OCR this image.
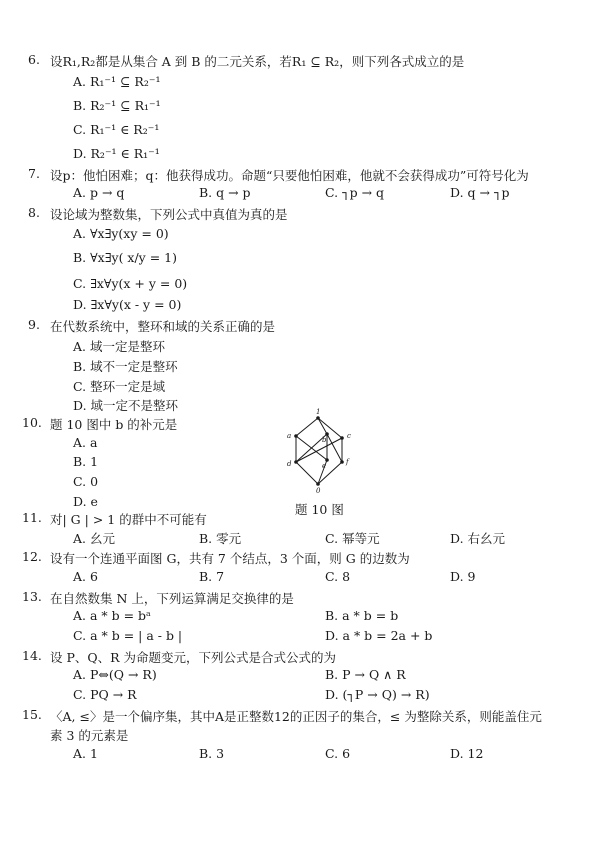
6. 设R₁,R₂都是从集合 A 到 B 的二元关系，若R₁ ⊆ R₂，则下列各式成立的是
A. R₁⁻¹ ⊆ R₂⁻¹
B. R₂⁻¹ ⊆ R₁⁻¹
C. R₁⁻¹ ∈ R₂⁻¹
D. R₂⁻¹ ∈ R₁⁻¹
7. 设p：他怕困难；q：他获得成功。命题“只要他怕困难，他就不会获得成功”可符号化为
A. p → q	B. q → p	C. ┐p → q	D. q → ┐p
8. 设论域为整数集，下列公式中真值为真的是
A. ∀x∃y(xy = 0)
B. ∀x∃y( x/y = 1)
C. ∃x∀y(x + y = 0)
D. ∃x∀y(x - y = 0)
9. 在代数系统中，整环和域的关系正确的是
A. 域一定是整环
B. 域不一定是整环
C. 整环一定是域
D. 域一定不是整环
10. 题 10 图中 b 的补元是
A. a
B. 1
C. 0
D. e
1
a	b	c
d	e	f
0
题 10 图
11. 对| G | > 1 的群中不可能有
A. 幺元	B. 零元	C. 幂等元	D. 右幺元
12. 设有一个连通平面图 G，共有 7 个结点，3 个面，则 G 的边数为
A. 6	B. 7	C. 8	D. 9
13. 在自然数集 N 上，下列运算满足交换律的是
A. a * b = bᵃ	B. a * b = b
C. a * b = | a - b |	D. a * b = 2a + b
14. 设 P、Q、R 为命题变元，下列公式是合式公式的为
A. P⇔(Q → R)	B. P → Q ∧ R
C. PQ → R	D. (┐P → Q) → R)
15. 〈A, ≤〉是一个偏序集，其中A是正整数12的正因子的集合，≤ 为整除关系，则能盖住元
素 3 的元素是
A. 1	B. 3	C. 6	D. 12
